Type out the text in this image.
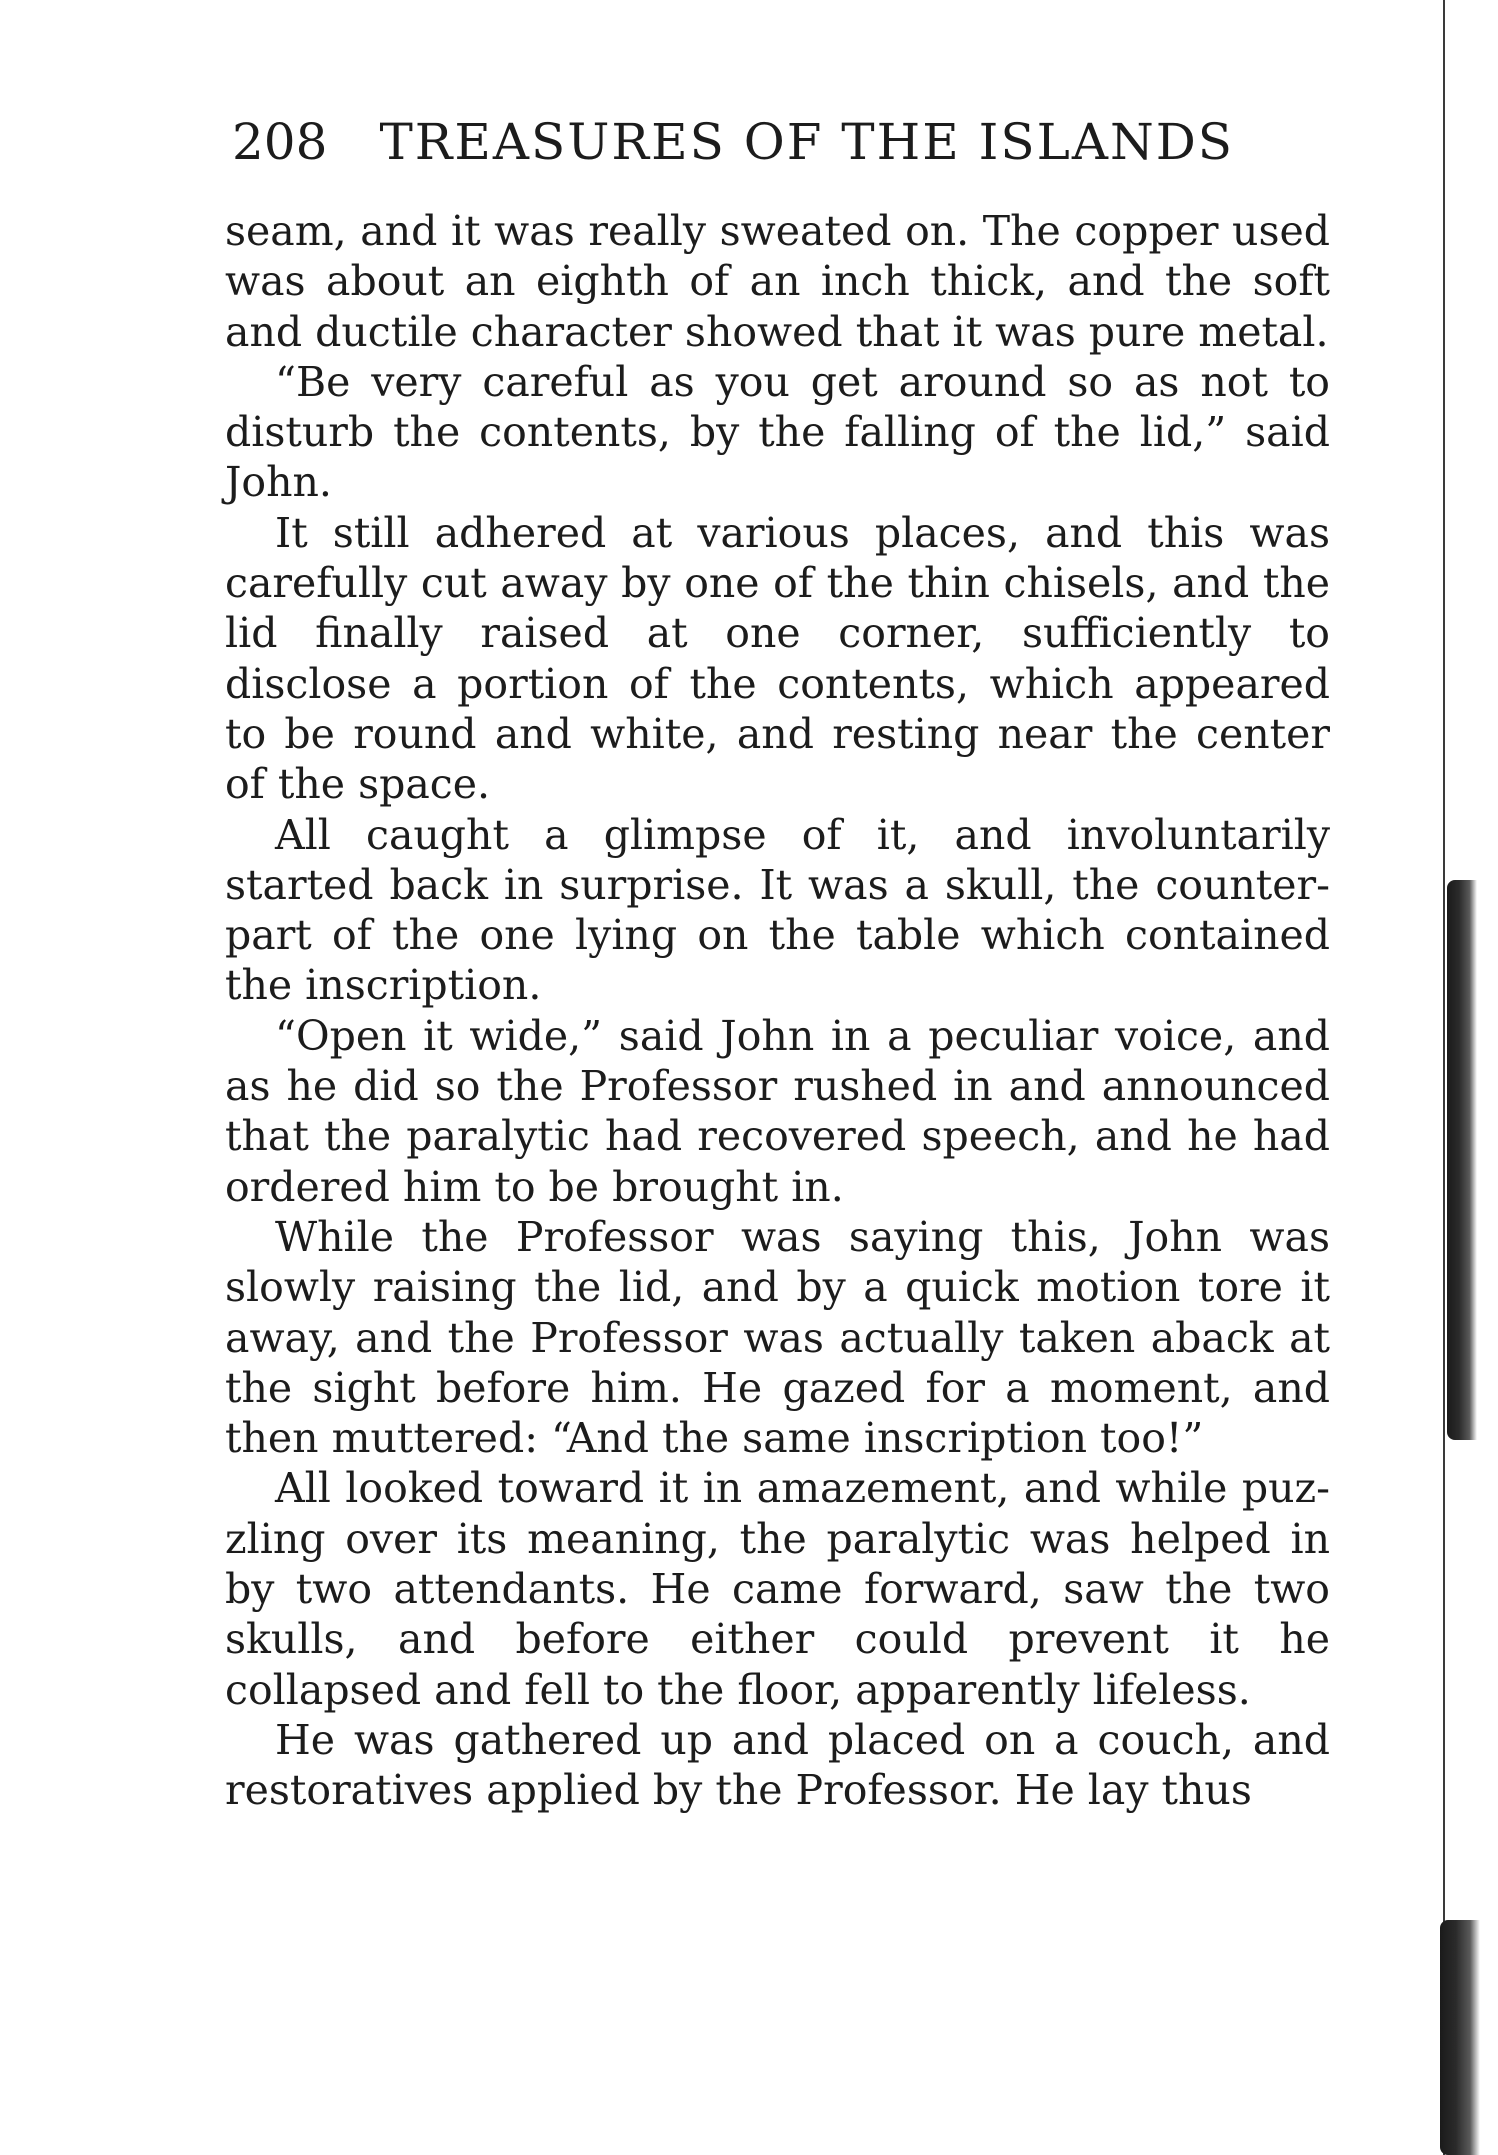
208 TREASURES OF THE ISLANDS

seam, and it was really sweated on. The copper used was about an eighth of an inch thick, and the soft and ductile character showed that it was pure metal.

“Be very careful as you get around so as not to disturb the contents, by the falling of the lid,” said John.

It still adhered at various places, and this was carefully cut away by one of the thin chisels, and the lid finally raised at one corner, sufficiently to disclose a portion of the contents, which appeared to be round and white, and resting near the center of the space.

All caught a glimpse of it, and involuntarily started back in surprise. It was a skull, the counterpart of the one lying on the table which contained the inscription.

“Open it wide,” said John in a peculiar voice, and as he did so the Professor rushed in and announced that the paralytic had recovered speech, and he had ordered him to be brought in.

While the Professor was saying this, John was slowly raising the lid, and by a quick motion tore it away, and the Professor was actually taken aback at the sight before him. He gazed for a moment, and then muttered: “And the same inscription too!”

All looked toward it in amazement, and while puzzling over its meaning, the paralytic was helped in by two attendants. He came forward, saw the two skulls, and before either could prevent it he collapsed and fell to the floor, apparently lifeless.

He was gathered up and placed on a couch, and restoratives applied by the Professor. He lay thus
